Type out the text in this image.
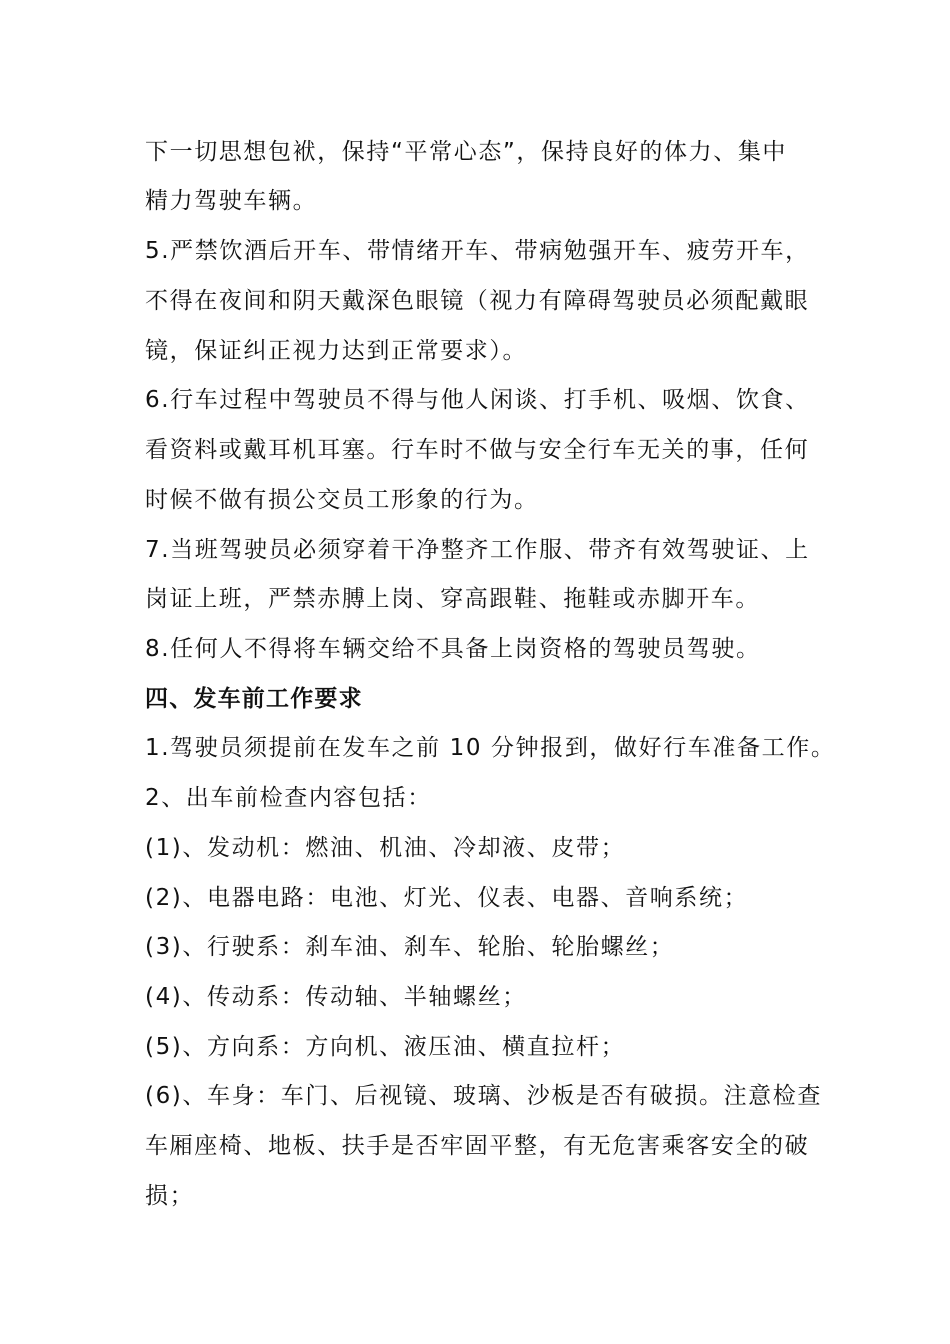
下一切思想包袱，保持“平常心态”，保持良好的体力、集中

精力驾驶车辆。

5.严禁饮酒后开车、带情绪开车、带病勉强开车、疲劳开车，

不得在夜间和阴天戴深色眼镜（视力有障碍驾驶员必须配戴眼

镜，保证纠正视力达到正常要求）。

6.行车过程中驾驶员不得与他人闲谈、打手机、吸烟、饮食、

看资料或戴耳机耳塞。行车时不做与安全行车无关的事，任何

时候不做有损公交员工形象的行为。

7.当班驾驶员必须穿着干净整齐工作服、带齐有效驾驶证、上

岗证上班，严禁赤膊上岗、穿高跟鞋、拖鞋或赤脚开车。

8.任何人不得将车辆交给不具备上岗资格的驾驶员驾驶。

四、发车前工作要求

1.驾驶员须提前在发车之前 10 分钟报到，做好行车准备工作。

2、出车前检查内容包括：

(1)、发动机：燃油、机油、冷却液、皮带；

(2)、电器电路：电池、灯光、仪表、电器、音响系统；

(3)、行驶系：刹车油、刹车、轮胎、轮胎螺丝；

(4)、传动系：传动轴、半轴螺丝；

(5)、方向系：方向机、液压油、横直拉杆；

(6)、车身：车门、后视镜、玻璃、沙板是否有破损。注意检查

车厢座椅、地板、扶手是否牢固平整，有无危害乘客安全的破

损；
